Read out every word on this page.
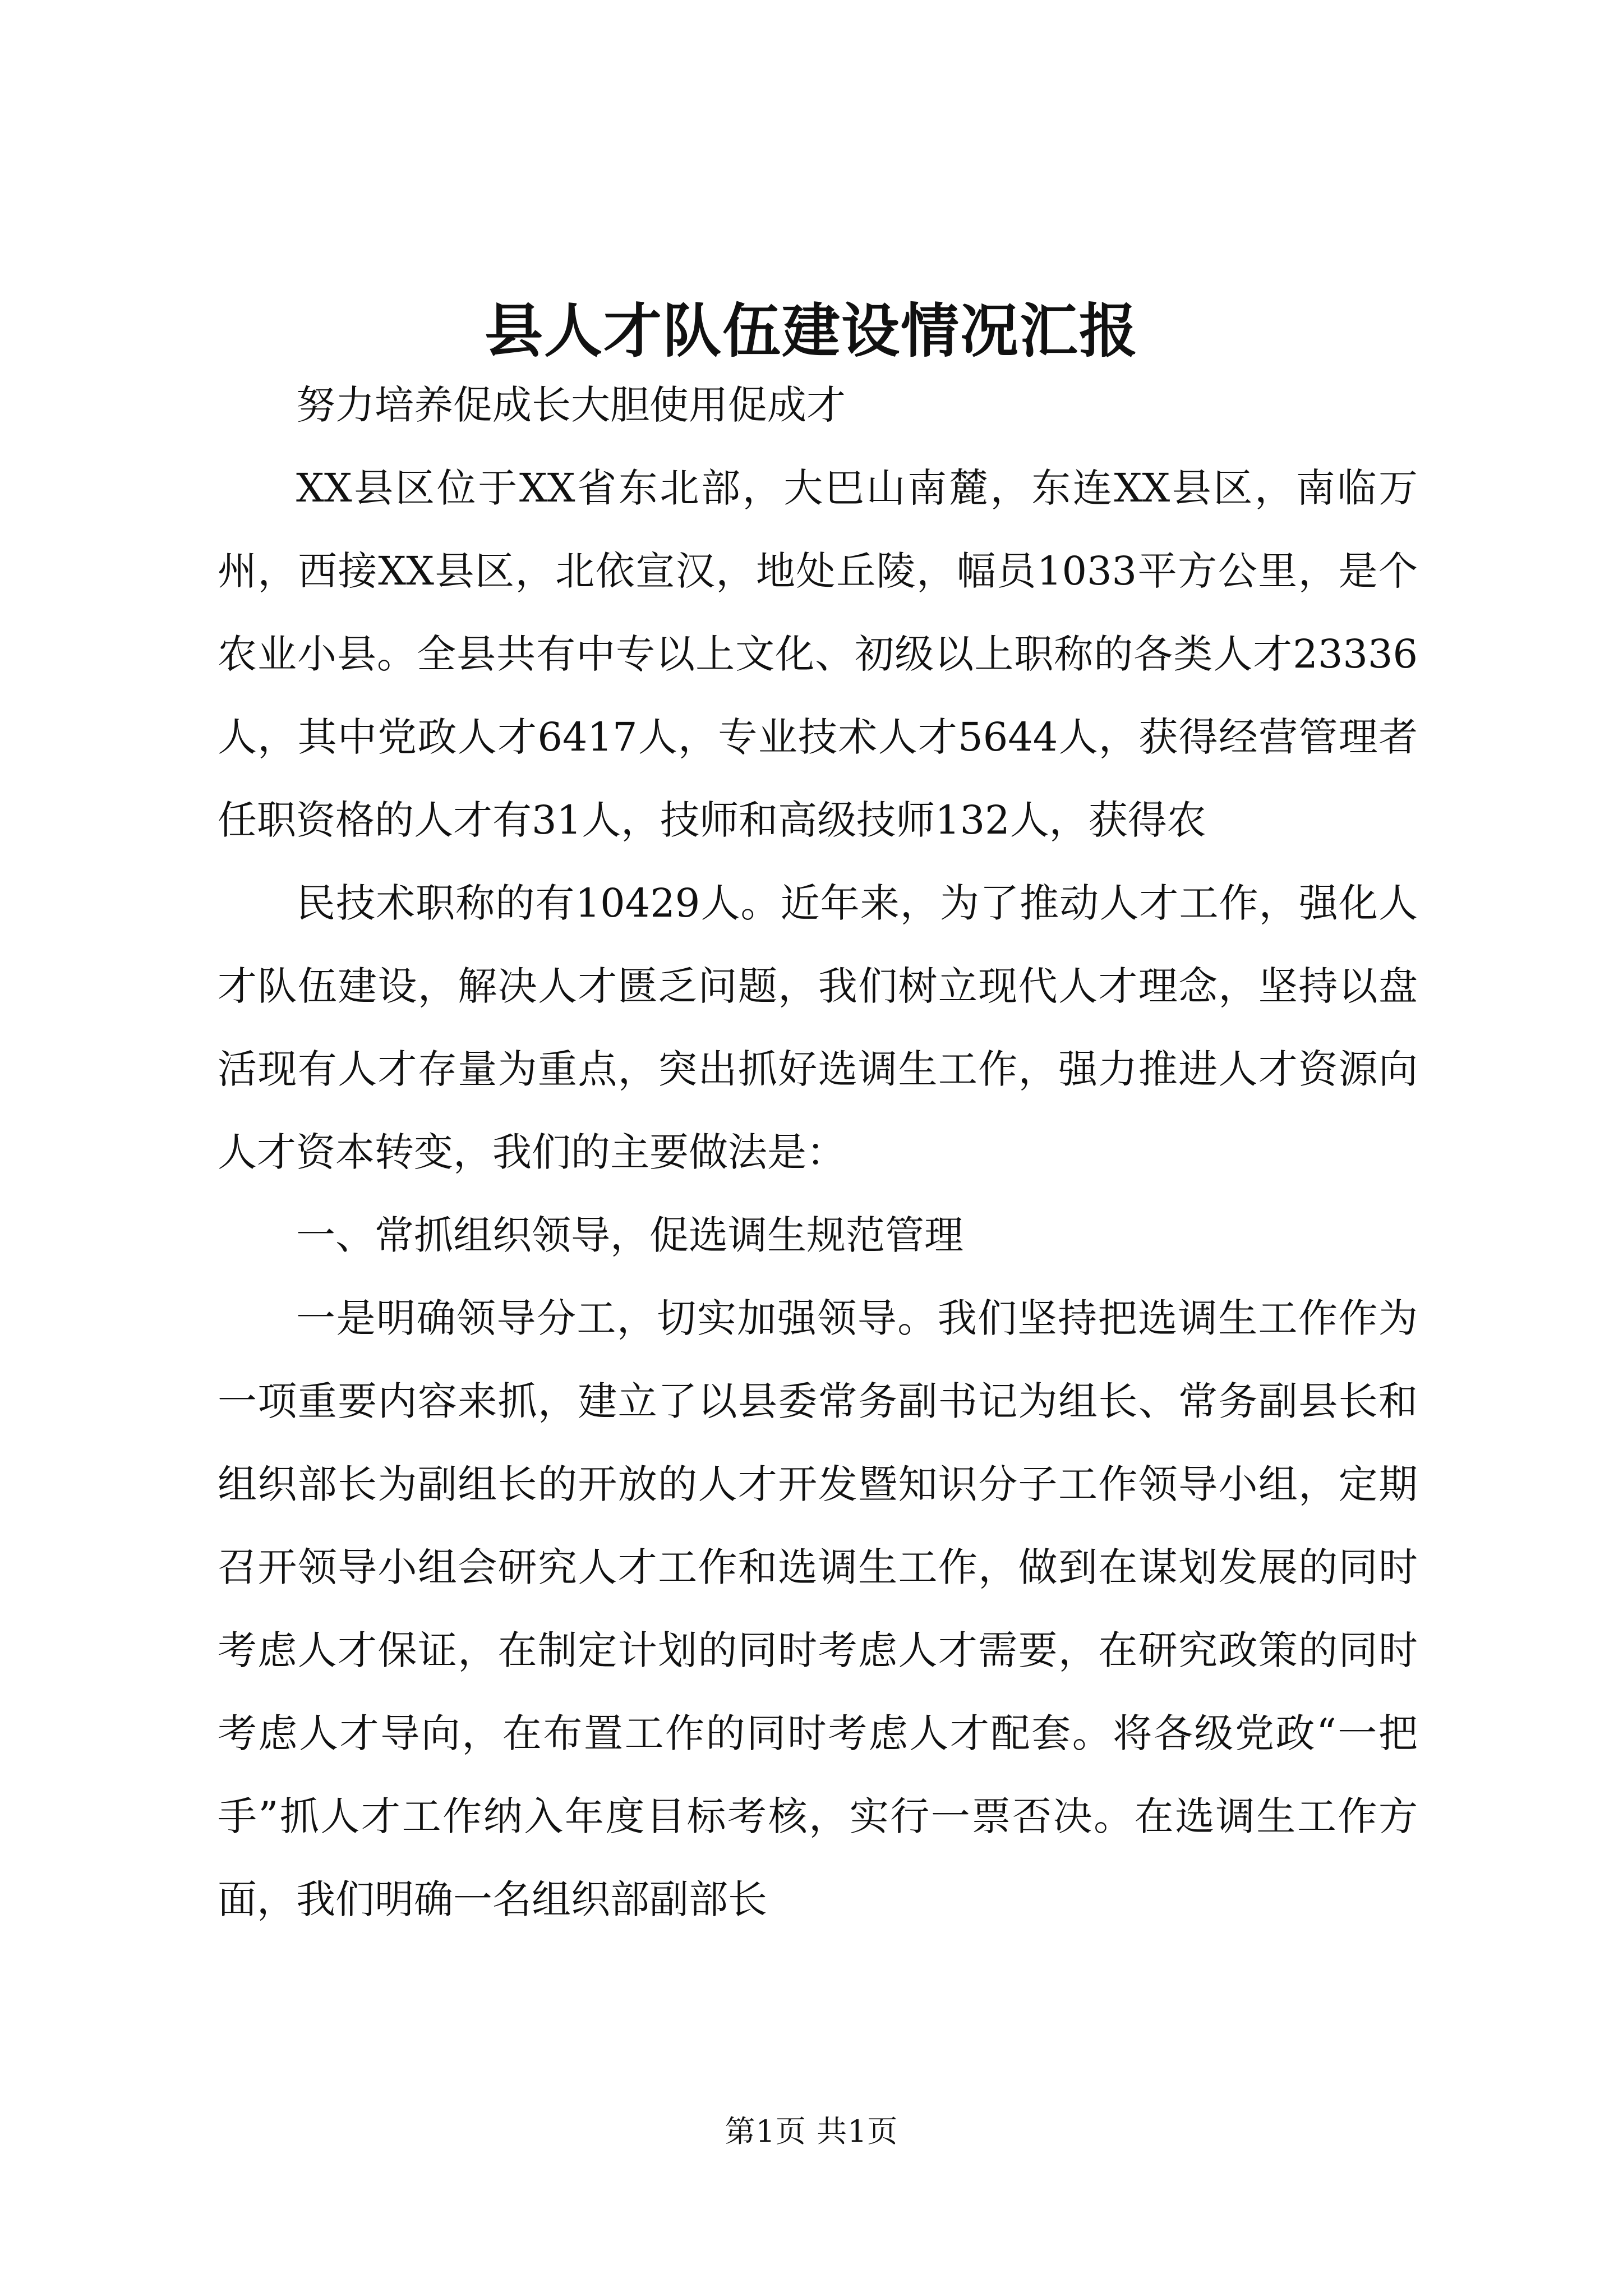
县人才队伍建设情况汇报

努力培养促成长大胆使用促成才

XX县区位于XX省东北部，大巴山南麓，东连XX县区，南临万州，西接XX县区，北依宣汉，地处丘陵，幅员1033平方公里，是个农业小县。全县共有中专以上文化、初级以上职称的各类人才23336人，其中党政人才6417人，专业技术人才5644人，获得经营管理者任职资格的人才有31人，技师和高级技师132人，获得农

民技术职称的有10429人。近年来，为了推动人才工作，强化人才队伍建设，解决人才匮乏问题，我们树立现代人才理念，坚持以盘活现有人才存量为重点，突出抓好选调生工作，强力推进人才资源向人才资本转变，我们的主要做法是：

一、常抓组织领导，促选调生规范管理

一是明确领导分工，切实加强领导。我们坚持把选调生工作作为一项重要内容来抓，建立了以县委常务副书记为组长、常务副县长和组织部长为副组长的开放的人才开发暨知识分子工作领导小组，定期召开领导小组会研究人才工作和选调生工作，做到在谋划发展的同时考虑人才保证，在制定计划的同时考虑人才需要，在研究政策的同时考虑人才导向，在布置工作的同时考虑人才配套。将各级党政“一把手”抓人才工作纳入年度目标考核，实行一票否决。在选调生工作方面，我们明确一名组织部副部长

第1页 共1页
